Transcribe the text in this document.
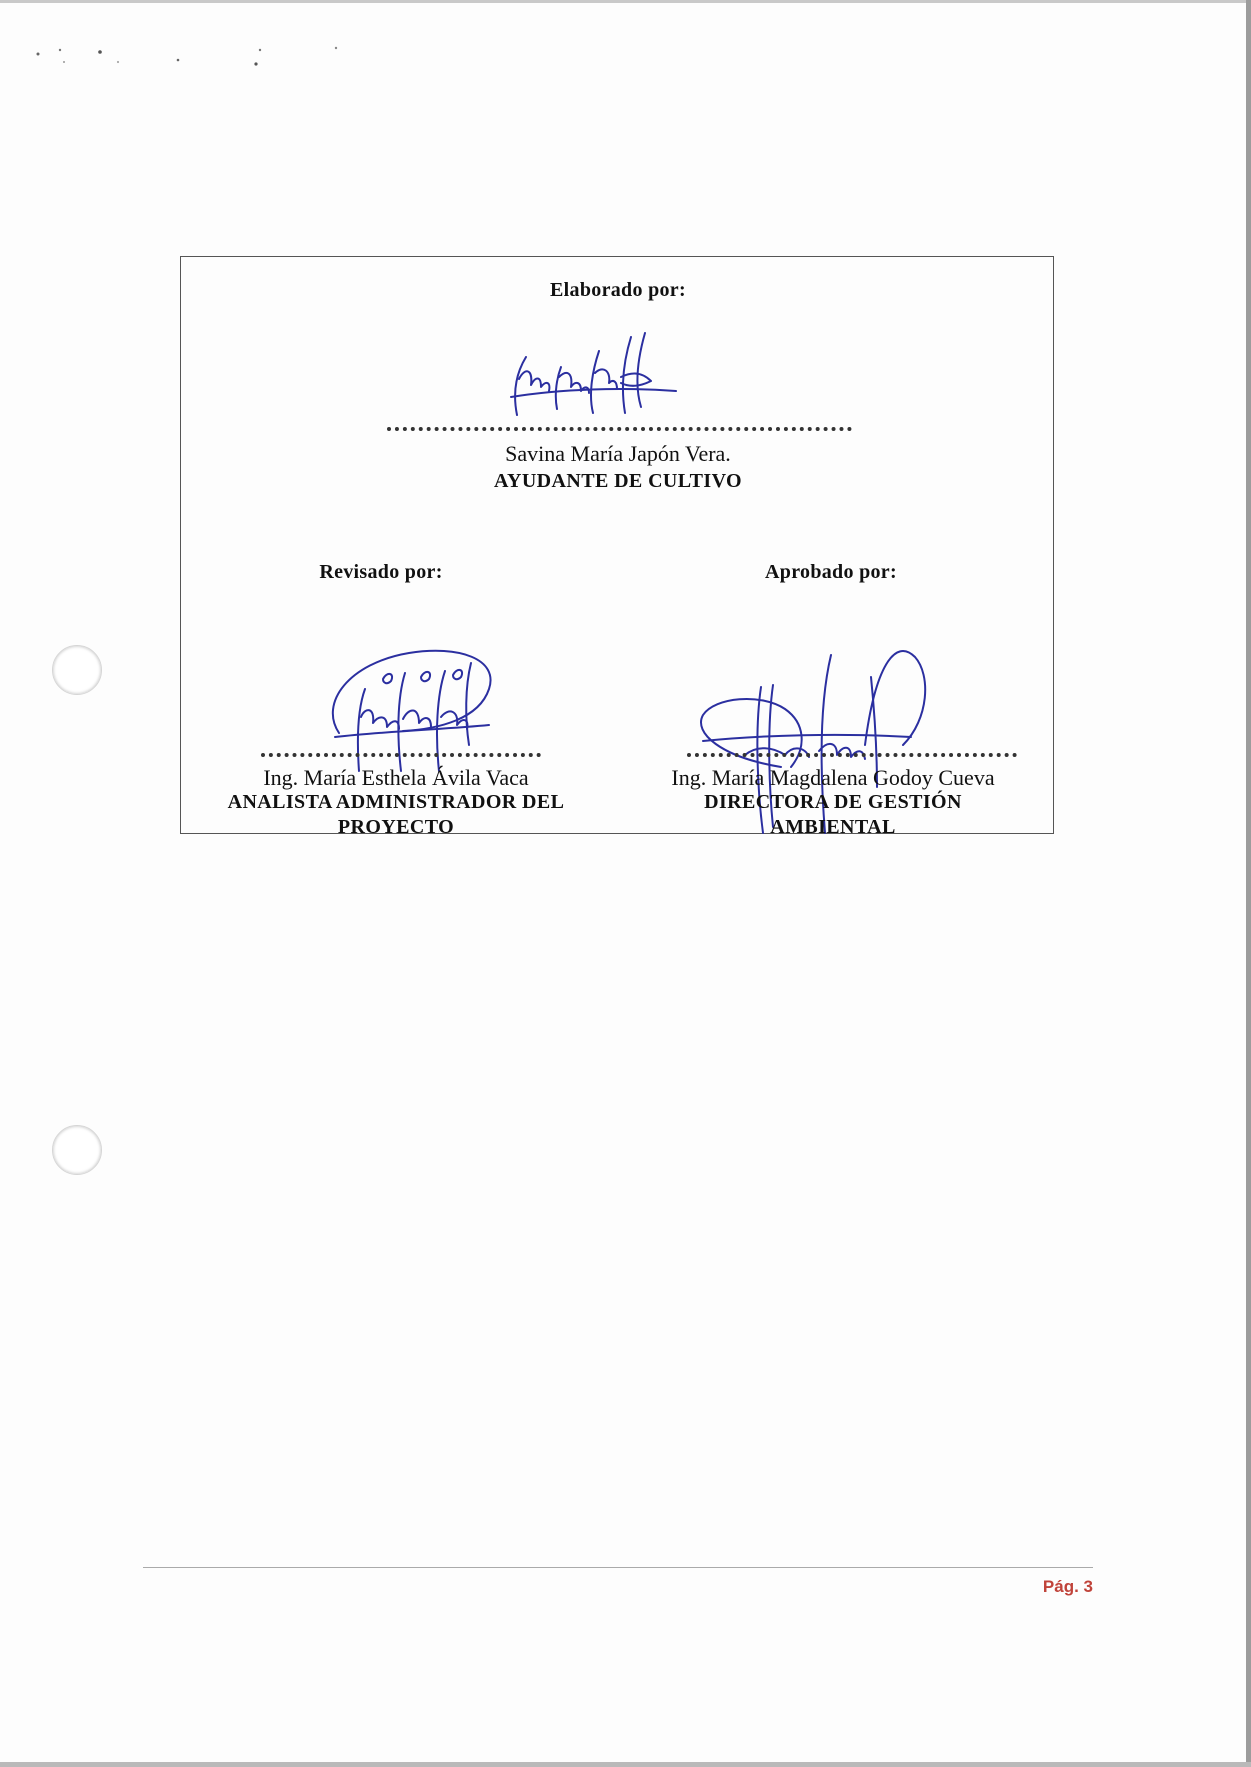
Elaborado por:
Savina María Japón Vera.
AYUDANTE DE CULTIVO
Revisado por:
Ing. María Esthela Ávila Vaca
ANALISTA ADMINISTRADOR DEL
PROYECTO
Aprobado por:
Ing. María Magdalena Godoy Cueva
DIRECTORA DE GESTIÓN
AMBIENTAL
Pág. 3
